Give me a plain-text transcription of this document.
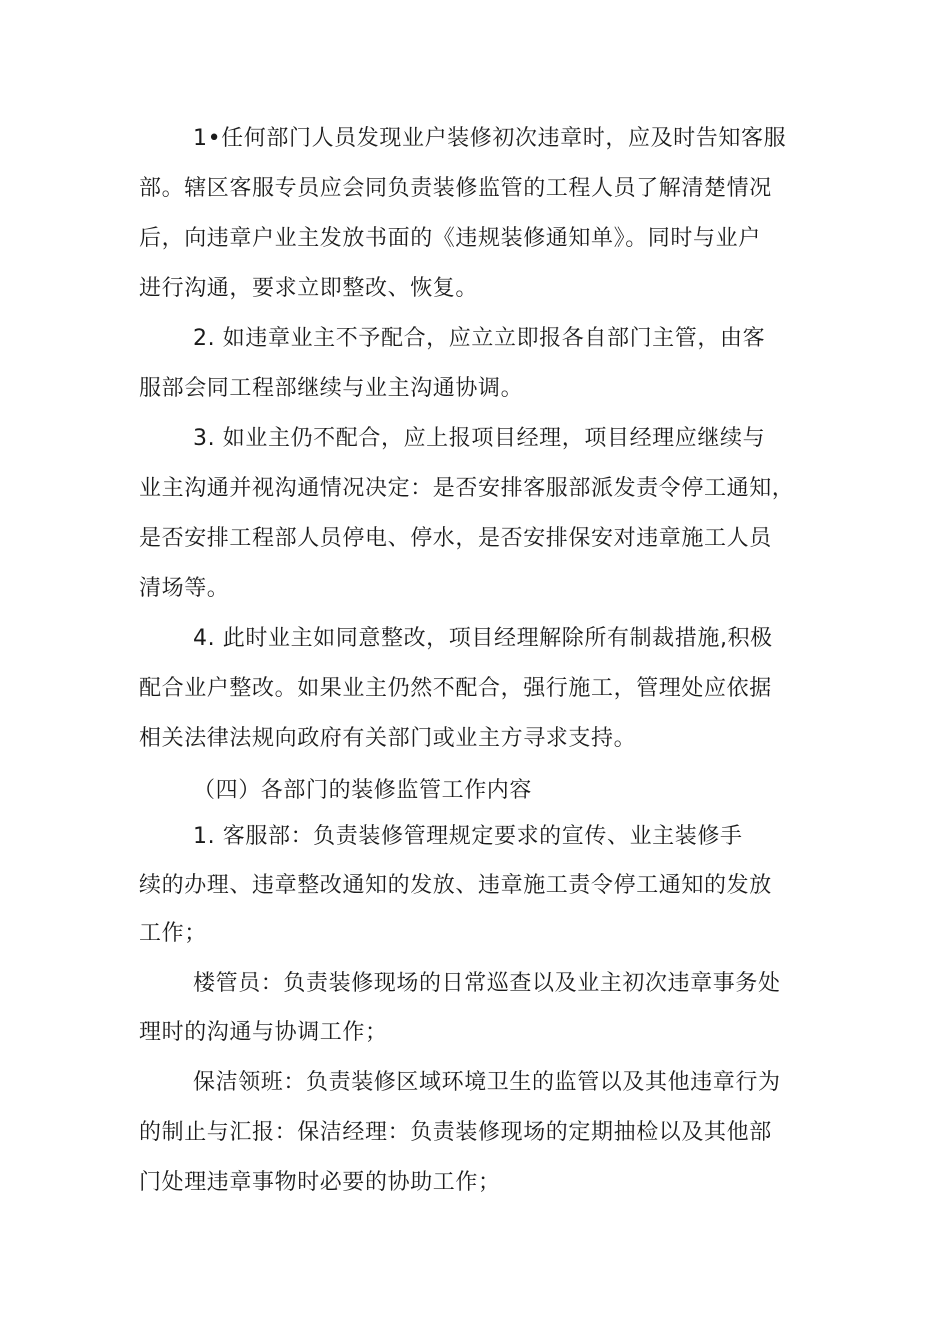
1•任何部门人员发现业户装修初次违章时，应及时告知客服
部。辖区客服专员应会同负责装修监管的工程人员了解清楚情况
后，向违章户业主发放书面的《违规装修通知单》。同时与业户
进行沟通，要求立即整改、恢复。
2. 如违章业主不予配合，应立立即报各自部门主管，由客
服部会同工程部继续与业主沟通协调。
3. 如业主仍不配合，应上报项目经理，项目经理应继续与
业主沟通并视沟通情况决定：是否安排客服部派发责令停工通知，
是否安排工程部人员停电、停水，是否安排保安对违章施工人员
清场等。
4. 此时业主如同意整改，项目经理解除所有制裁措施,积极
配合业户整改。如果业主仍然不配合，强行施工，管理处应依据
相关法律法规向政府有关部门或业主方寻求支持。
（四）各部门的装修监管工作内容
1. 客服部：负责装修管理规定要求的宣传、业主装修手
续的办理、违章整改通知的发放、违章施工责令停工通知的发放
工作；
楼管员：负责装修现场的日常巡查以及业主初次违章事务处
理时的沟通与协调工作；
保洁领班：负责装修区域环境卫生的监管以及其他违章行为
的制止与汇报：保洁经理：负责装修现场的定期抽检以及其他部
门处理违章事物时必要的协助工作；
